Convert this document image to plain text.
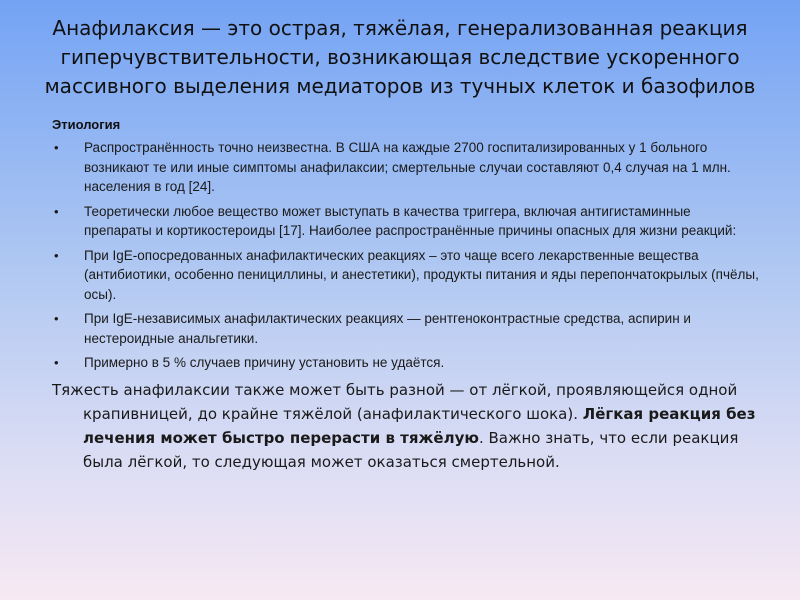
Анафилаксия — это острая, тяжёлая, генерализованная реакция гиперчувствительности, возникающая вследствие ускоренного массивного выделения медиаторов из тучных клеток и базофилов
Этиология
• Распространённость точно неизвестна. В США на каждые 2700 госпитализированных у 1 больного возникают те или иные симптомы анафилаксии; смертельные случаи составляют 0,4 случая на 1 млн. населения в год [24].
• Теоретически любое вещество может выступать в качества триггера, включая антигистаминные препараты и кортикостероиды [17]. Наиболее распространённые причины опасных для жизни реакций:
• При IgE-опосредованных анафилактических реакциях – это чаще всего лекарственные вещества (антибиотики, особенно пенициллины, и анестетики), продукты питания и яды перепончатокрылых (пчёлы, осы).
• При IgE-независимых анафилактических реакциях — рентгеноконтрастные средства, аспирин и нестероидные анальгетики.
• Примерно в 5 % случаев причину установить не удаётся.
Тяжесть анафилаксии также может быть разной — от лёгкой, проявляющейся одной крапивницей, до крайне тяжёлой (анафилактического шока). Лёгкая реакция без лечения может быстро перерасти в тяжёлую. Важно знать, что если реакция была лёгкой, то следующая может оказаться смертельной.
